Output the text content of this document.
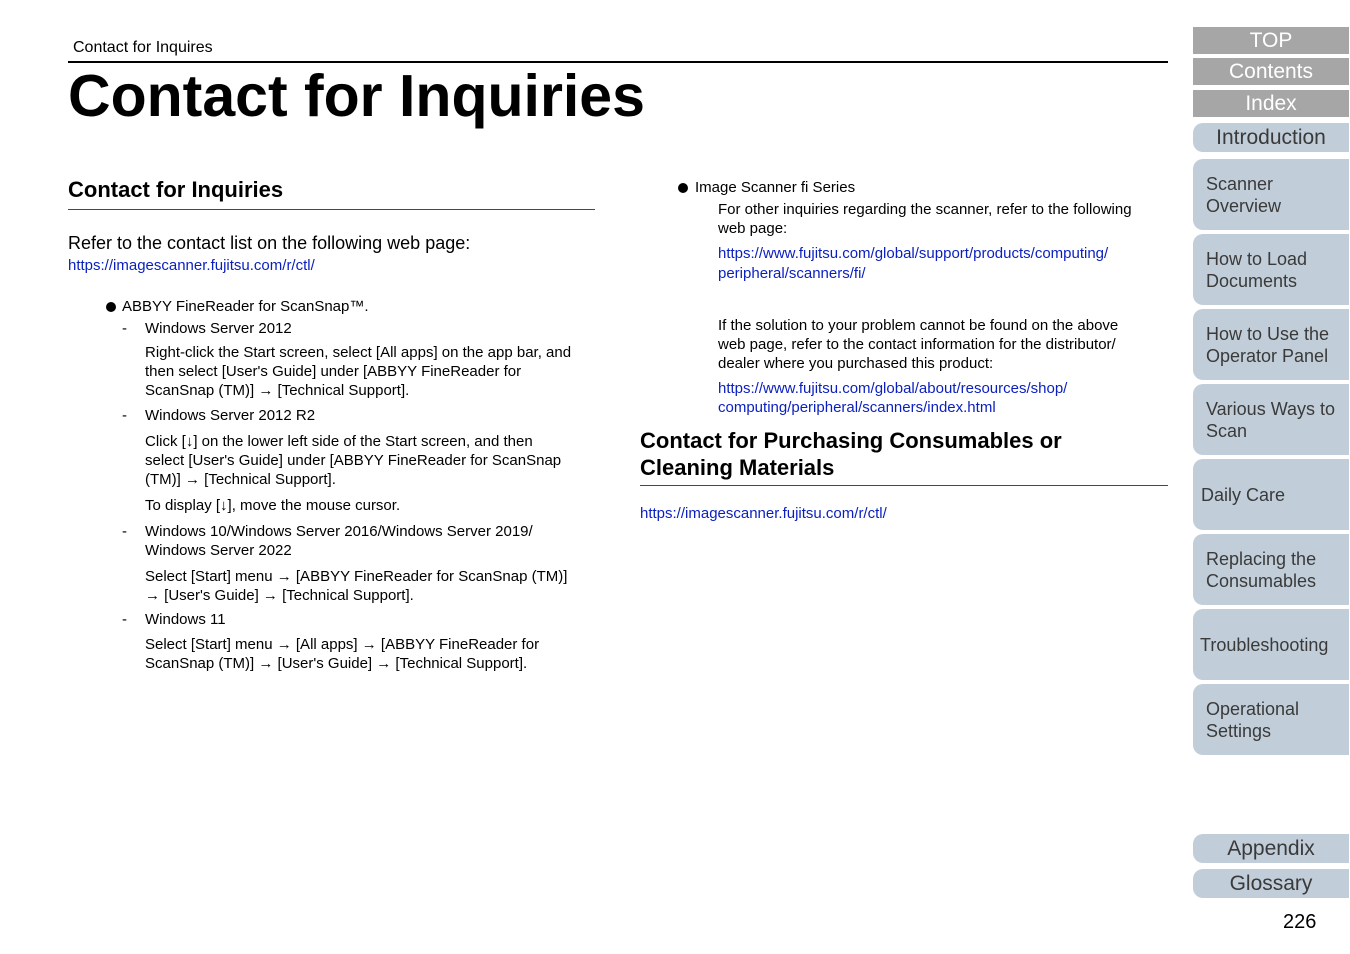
Contact for Inquires
Contact for Inquiries
Contact for Inquiries
Refer to the contact list on the following web page:
https://imagescanner.fujitsu.com/r/ctl/
ABBYY FineReader for ScanSnap™.
- Windows Server 2012
Right-click the Start screen, select [All apps] on the app bar, and
then select [User's Guide] under [ABBYY FineReader for
ScanSnap (TM)] → [Technical Support].
- Windows Server 2012 R2
Click [↓] on the lower left side of the Start screen, and then
select [User's Guide] under [ABBYY FineReader for ScanSnap
(TM)] → [Technical Support].
To display [↓], move the mouse cursor.
- Windows 10/Windows Server 2016/Windows Server 2019/
Windows Server 2022
Select [Start] menu → [ABBYY FineReader for ScanSnap (TM)]
→ [User's Guide] → [Technical Support].
- Windows 11
Select [Start] menu → [All apps] → [ABBYY FineReader for
ScanSnap (TM)] → [User's Guide] → [Technical Support].
Image Scanner fi Series
For other inquiries regarding the scanner, refer to the following
web page:
https://www.fujitsu.com/global/support/products/computing/
peripheral/scanners/fi/
If the solution to your problem cannot be found on the above
web page, refer to the contact information for the distributor/
dealer where you purchased this product:
https://www.fujitsu.com/global/about/resources/shop/
computing/peripheral/scanners/index.html
Contact for Purchasing Consumables or
Cleaning Materials
https://imagescanner.fujitsu.com/r/ctl/
TOP
Contents
Index
Introduction
Scanner
Overview
How to Load
Documents
How to Use the
Operator Panel
Various Ways to
Scan
Daily Care
Replacing the
Consumables
Troubleshooting
Operational
Settings
Appendix
Glossary
226
